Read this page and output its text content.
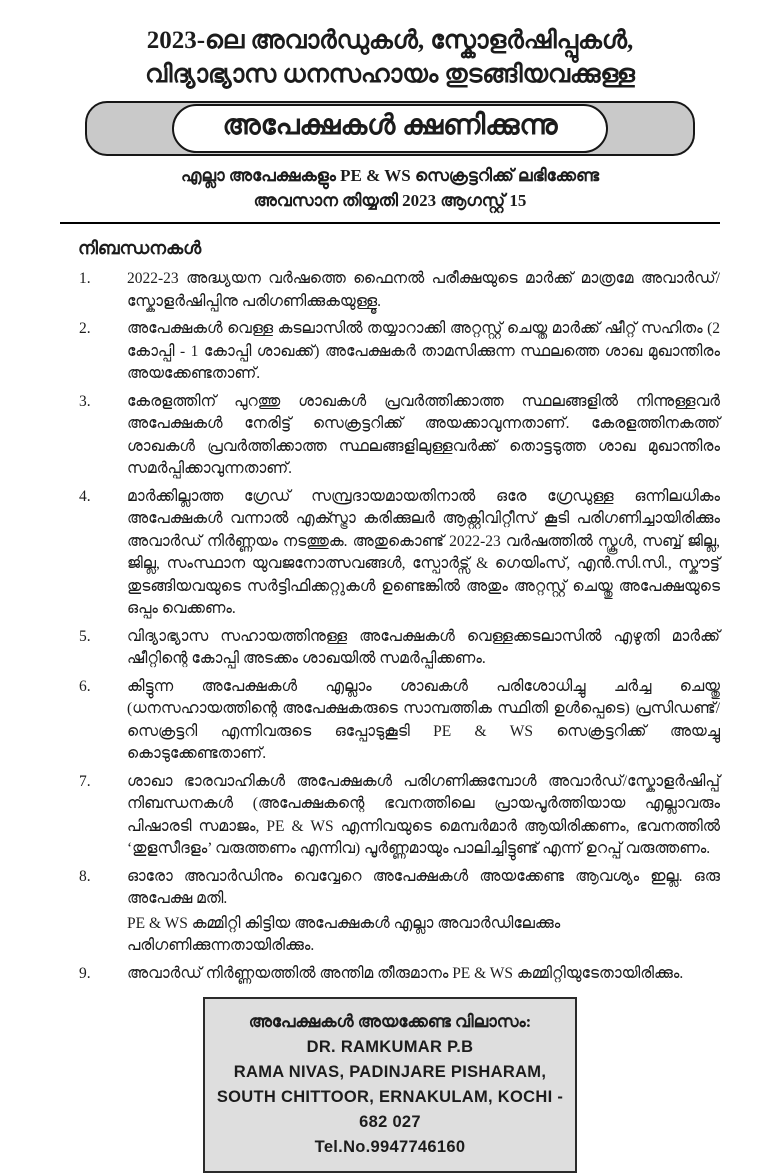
2023-ലെ അവാർഡുകൾ, സ്കോളർഷിപ്പുകൾ,
വിദ്യാഭ്യാസ ധനസഹായം തുടങ്ങിയവക്കുള്ള
അപേക്ഷകൾ ക്ഷണിക്കുന്നു

എല്ലാ അപേക്ഷകളും PE & WS സെക്രട്ടറിക്ക് ലഭിക്കേണ്ട

അവസാന തിയ്യതി 2023 ആഗസ്റ്റ് 15

നിബന്ധനകൾ
1.	2022-23 അദ്ധ്യയന വർഷത്തെ ഫൈനൽ പരീക്ഷയുടെ മാർക്ക് മാത്രമേ അവാർഡ്/സ്കോളർഷിപ്പിനു പരിഗണിക്കുകയുള്ളൂ.
2.	അപേക്ഷകൾ വെള്ള കടലാസിൽ തയ്യാറാക്കി അറ്റസ്റ്റ് ചെയ്ത മാർക്ക് ഷീറ്റ് സഹിതം (2 കോപ്പി - 1 കോപ്പി ശാഖക്ക്) അപേക്ഷകർ താമസിക്കുന്ന സ്ഥലത്തെ ശാഖ മുഖാന്തിരം അയക്കേണ്ടതാണ്.
3.	കേരളത്തിന് പുറത്തു ശാഖകൾ പ്രവർത്തിക്കാത്ത സ്ഥലങ്ങളിൽ നിന്നുള്ളവർ അപേക്ഷകൾ നേരിട്ട് സെക്രട്ടറിക്ക് അയക്കാവുന്നതാണ്. കേരളത്തിനകത്ത് ശാഖകൾ പ്രവർത്തിക്കാത്ത സ്ഥലങ്ങളിലുള്ളവർക്ക് തൊട്ടടുത്ത ശാഖ മുഖാന്തിരം സമർപ്പിക്കാവുന്നതാണ്.
4.	മാർക്കില്ലാത്ത ഗ്രേഡ് സമ്പ്രദായമായതിനാൽ ഒരേ ഗ്രേഡുള്ള ഒന്നിലധികം അപേക്ഷകൾ വന്നാൽ എക്സ്ട്രാ കരിക്കുലർ ആക്റ്റിവിറ്റീസ് കൂടി പരിഗണിച്ചായിരിക്കും അവാർഡ് നിർണ്ണയം നടത്തുക. അതുകൊണ്ട് 2022-23 വർഷത്തിൽ സ്കൂൾ, സബ്ബ് ജില്ല, ജില്ല, സംസ്ഥാന യുവജനോത്സവങ്ങൾ, സ്പോർട്സ് & ഗെയിംസ്, എൻ.സി.സി., സ്കൗട്ട് തുടങ്ങിയവയുടെ സർട്ടിഫിക്കറ്റുകൾ ഉണ്ടെങ്കിൽ അതും അറ്റസ്റ്റ് ചെയ്തു അപേക്ഷയുടെ ഒപ്പം വെക്കണം.
5.	വിദ്യാഭ്യാസ സഹായത്തിനുള്ള അപേക്ഷകൾ വെള്ളക്കടലാസിൽ എഴുതി മാർക്ക് ഷീറ്റിന്റെ കോപ്പി അടക്കം ശാഖയിൽ സമർപ്പിക്കണം.
6.	കിട്ടുന്ന അപേക്ഷകൾ എല്ലാം ശാഖകൾ പരിശോധിച്ചു ചർച്ച ചെയ്തു (ധനസഹായത്തിന്റെ അപേക്ഷകരുടെ സാമ്പത്തിക സ്ഥിതി ഉൾപ്പെടെ) പ്രസിഡണ്ട്/സെക്രട്ടറി എന്നിവരുടെ ഒപ്പോടുകൂടി PE & WS സെക്രട്ടറിക്ക് അയച്ചു കൊടുക്കേണ്ടതാണ്.
7.	ശാഖാ ഭാരവാഹികൾ അപേക്ഷകൾ പരിഗണിക്കുമ്പോൾ അവാർഡ്/സ്കോളർഷിപ്പ് നിബന്ധനകൾ (അപേക്ഷകന്റെ ഭവനത്തിലെ പ്രായപൂർത്തിയായ എല്ലാവരും പിഷാരടി സമാജം, PE & WS എന്നിവയുടെ മെമ്പർമാർ ആയിരിക്കണം, ഭവനത്തിൽ ‘തുളസീദളം’ വരുത്തണം എന്നിവ) പൂർണ്ണമായും പാലിച്ചിട്ടുണ്ട് എന്ന് ഉറപ്പ് വരുത്തണം.
8.	ഓരോ അവാർഡിനും വെവ്വേറെ അപേക്ഷകൾ അയക്കേണ്ട ആവശ്യം ഇല്ല. ഒരു അപേക്ഷ മതി.
PE & WS കമ്മിറ്റി കിട്ടിയ അപേക്ഷകൾ എല്ലാ അവാർഡിലേക്കും പരിഗണിക്കുന്നതായിരിക്കും.
9.	അവാർഡ് നിർണ്ണയത്തിൽ അന്തിമ തീരുമാനം PE & WS കമ്മിറ്റിയുടേതായിരിക്കും.
അപേക്ഷകൾ അയക്കേണ്ട വിലാസം:
DR. RAMKUMAR P.B
RAMA NIVAS, PADINJARE PISHARAM,
SOUTH CHITTOOR, ERNAKULAM, KOCHI - 682 027
Tel.No.9947746160
